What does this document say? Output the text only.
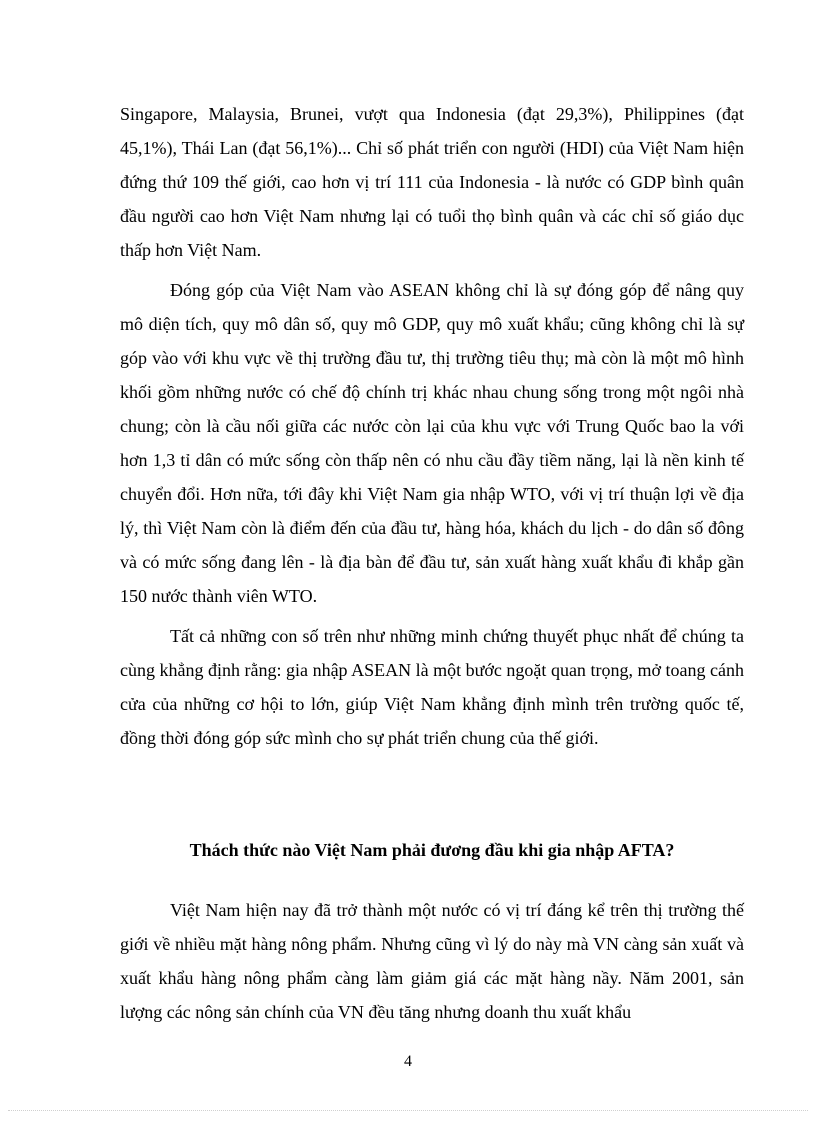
Singapore, Malaysia, Brunei, vượt qua Indonesia (đạt 29,3%), Philippines (đạt 45,1%), Thái Lan (đạt 56,1%)... Chỉ số phát triển con người (HDI) của Việt Nam hiện đứng thứ 109 thế giới, cao hơn vị trí 111 của Indonesia - là nước có GDP bình quân đầu người cao hơn Việt Nam nhưng lại có tuổi thọ bình quân và các chỉ số giáo dục thấp hơn Việt Nam.

Đóng góp của Việt Nam vào ASEAN không chỉ là sự đóng góp để nâng quy mô diện tích, quy mô dân số, quy mô GDP, quy mô xuất khẩu; cũng không chỉ là sự góp vào với khu vực về thị trường đầu tư, thị trường tiêu thụ; mà còn là một mô hình khối gồm những nước có chế độ chính trị khác nhau chung sống trong một ngôi nhà chung; còn là cầu nối giữa các nước còn lại của khu vực với Trung Quốc bao la với hơn 1,3 tỉ dân có mức sống còn thấp nên có nhu cầu đầy tiềm năng, lại là nền kinh tế chuyển đổi. Hơn nữa, tới đây khi Việt Nam gia nhập WTO, với vị trí thuận lợi về địa lý, thì Việt Nam còn là điểm đến của đầu tư, hàng hóa, khách du lịch - do dân số đông và có mức sống đang lên - là địa bàn để đầu tư, sản xuất hàng xuất khẩu đi khắp gần 150 nước thành viên WTO.

Tất cả những con số trên như những minh chứng thuyết phục nhất để chúng ta cùng khẳng định rằng: gia nhập ASEAN là một bước ngoặt quan trọng, mở toang cánh cửa của những cơ hội to lớn, giúp Việt Nam khẳng định mình trên trường quốc tế, đồng thời đóng góp sức mình cho sự phát triển chung của thế giới.

Thách thức nào Việt Nam phải đương đầu khi gia nhập AFTA?

Việt Nam hiện nay đã trở thành một nước có vị trí đáng kể trên thị trường thế giới về nhiều mặt hàng nông phẩm. Nhưng cũng vì lý do này mà VN càng sản xuất và xuất khẩu hàng nông phẩm càng làm giảm giá các mặt hàng nầy. Năm 2001, sản lượng các nông sản chính của VN đều tăng nhưng doanh thu xuất khẩu

4
